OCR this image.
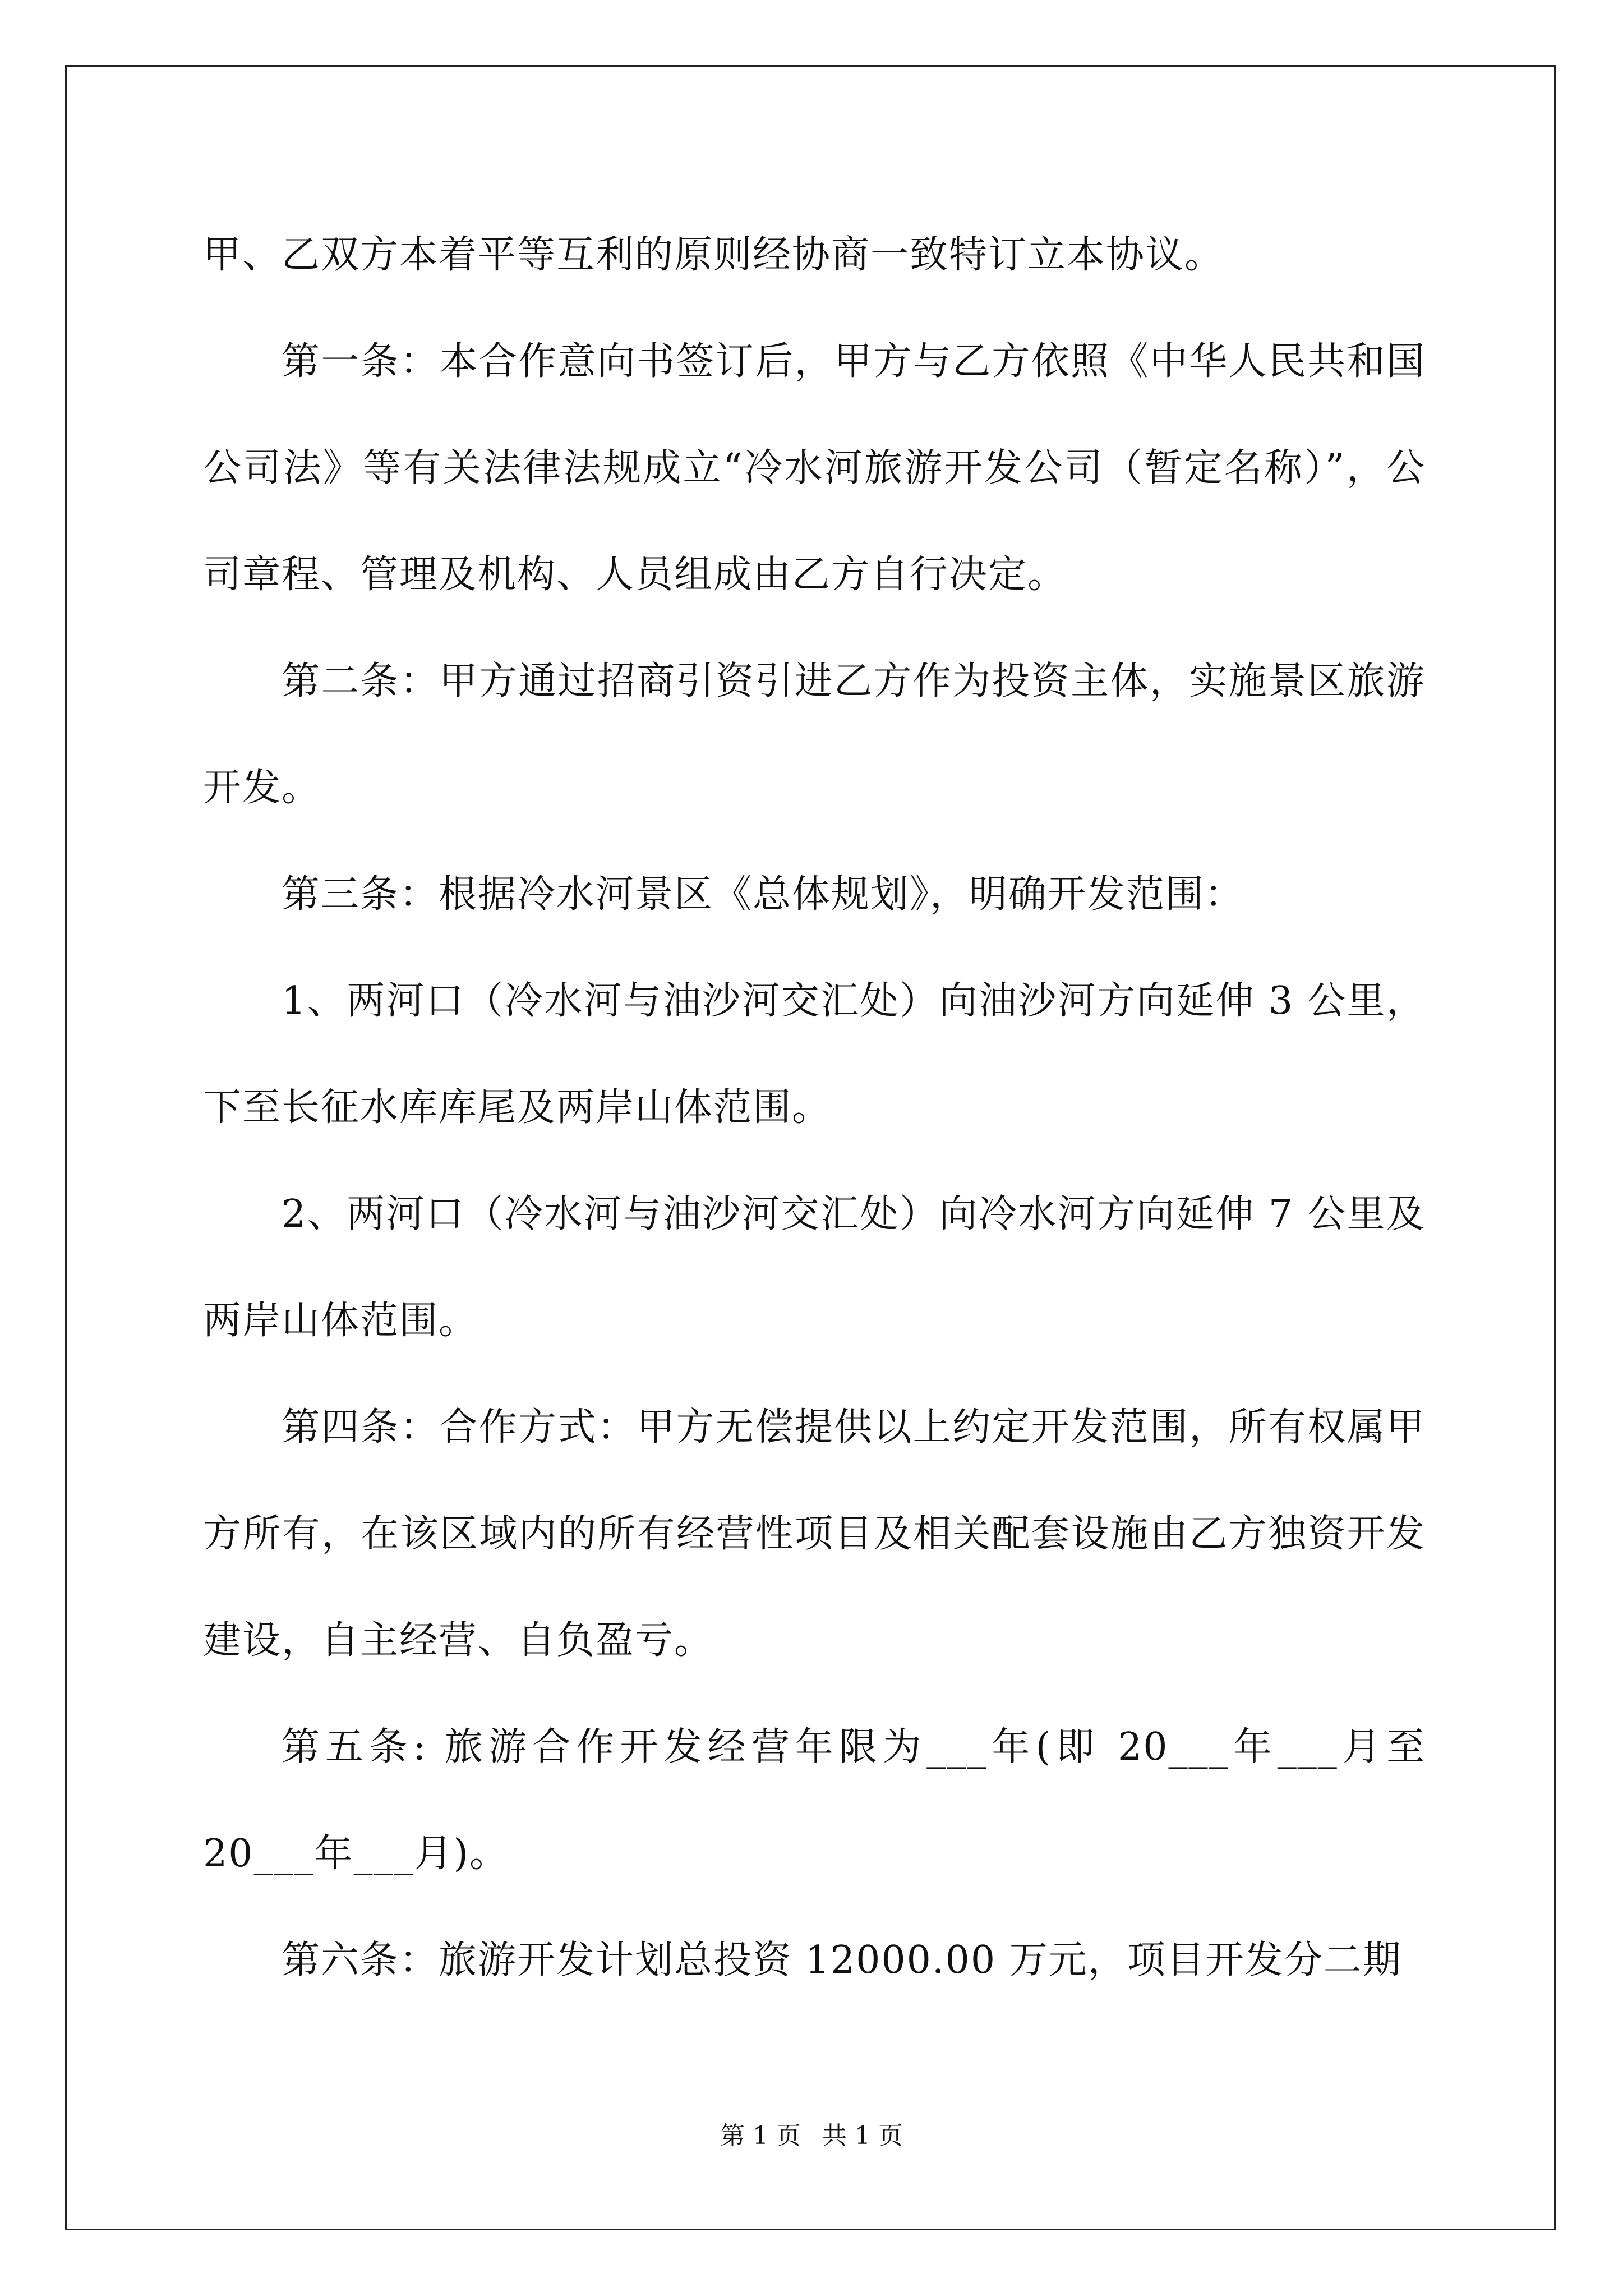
甲、乙双方本着平等互利的原则经协商一致特订立本协议。

第一条：本合作意向书签订后，甲方与乙方依照《中华人民共和国公司法》等有关法律法规成立“冷水河旅游开发公司（暂定名称）”，公司章程、管理及机构、人员组成由乙方自行决定。

第二条：甲方通过招商引资引进乙方作为投资主体，实施景区旅游开发。

第三条：根据冷水河景区《总体规划》，明确开发范围：

1、两河口（冷水河与油沙河交汇处）向油沙河方向延伸 3 公里，下至长征水库库尾及两岸山体范围。

2、两河口（冷水河与油沙河交汇处）向冷水河方向延伸 7 公里及两岸山体范围。

第四条：合作方式：甲方无偿提供以上约定开发范围，所有权属甲方所有，在该区域内的所有经营性项目及相关配套设施由乙方独资开发建设，自主经营、自负盈亏。

第五条: 旅游合作开发经营年限为___年(即 20___年___月至 20___年___月)。

第六条：旅游开发计划总投资 12000.00 万元，项目开发分二期

第 1 页 共 1 页
